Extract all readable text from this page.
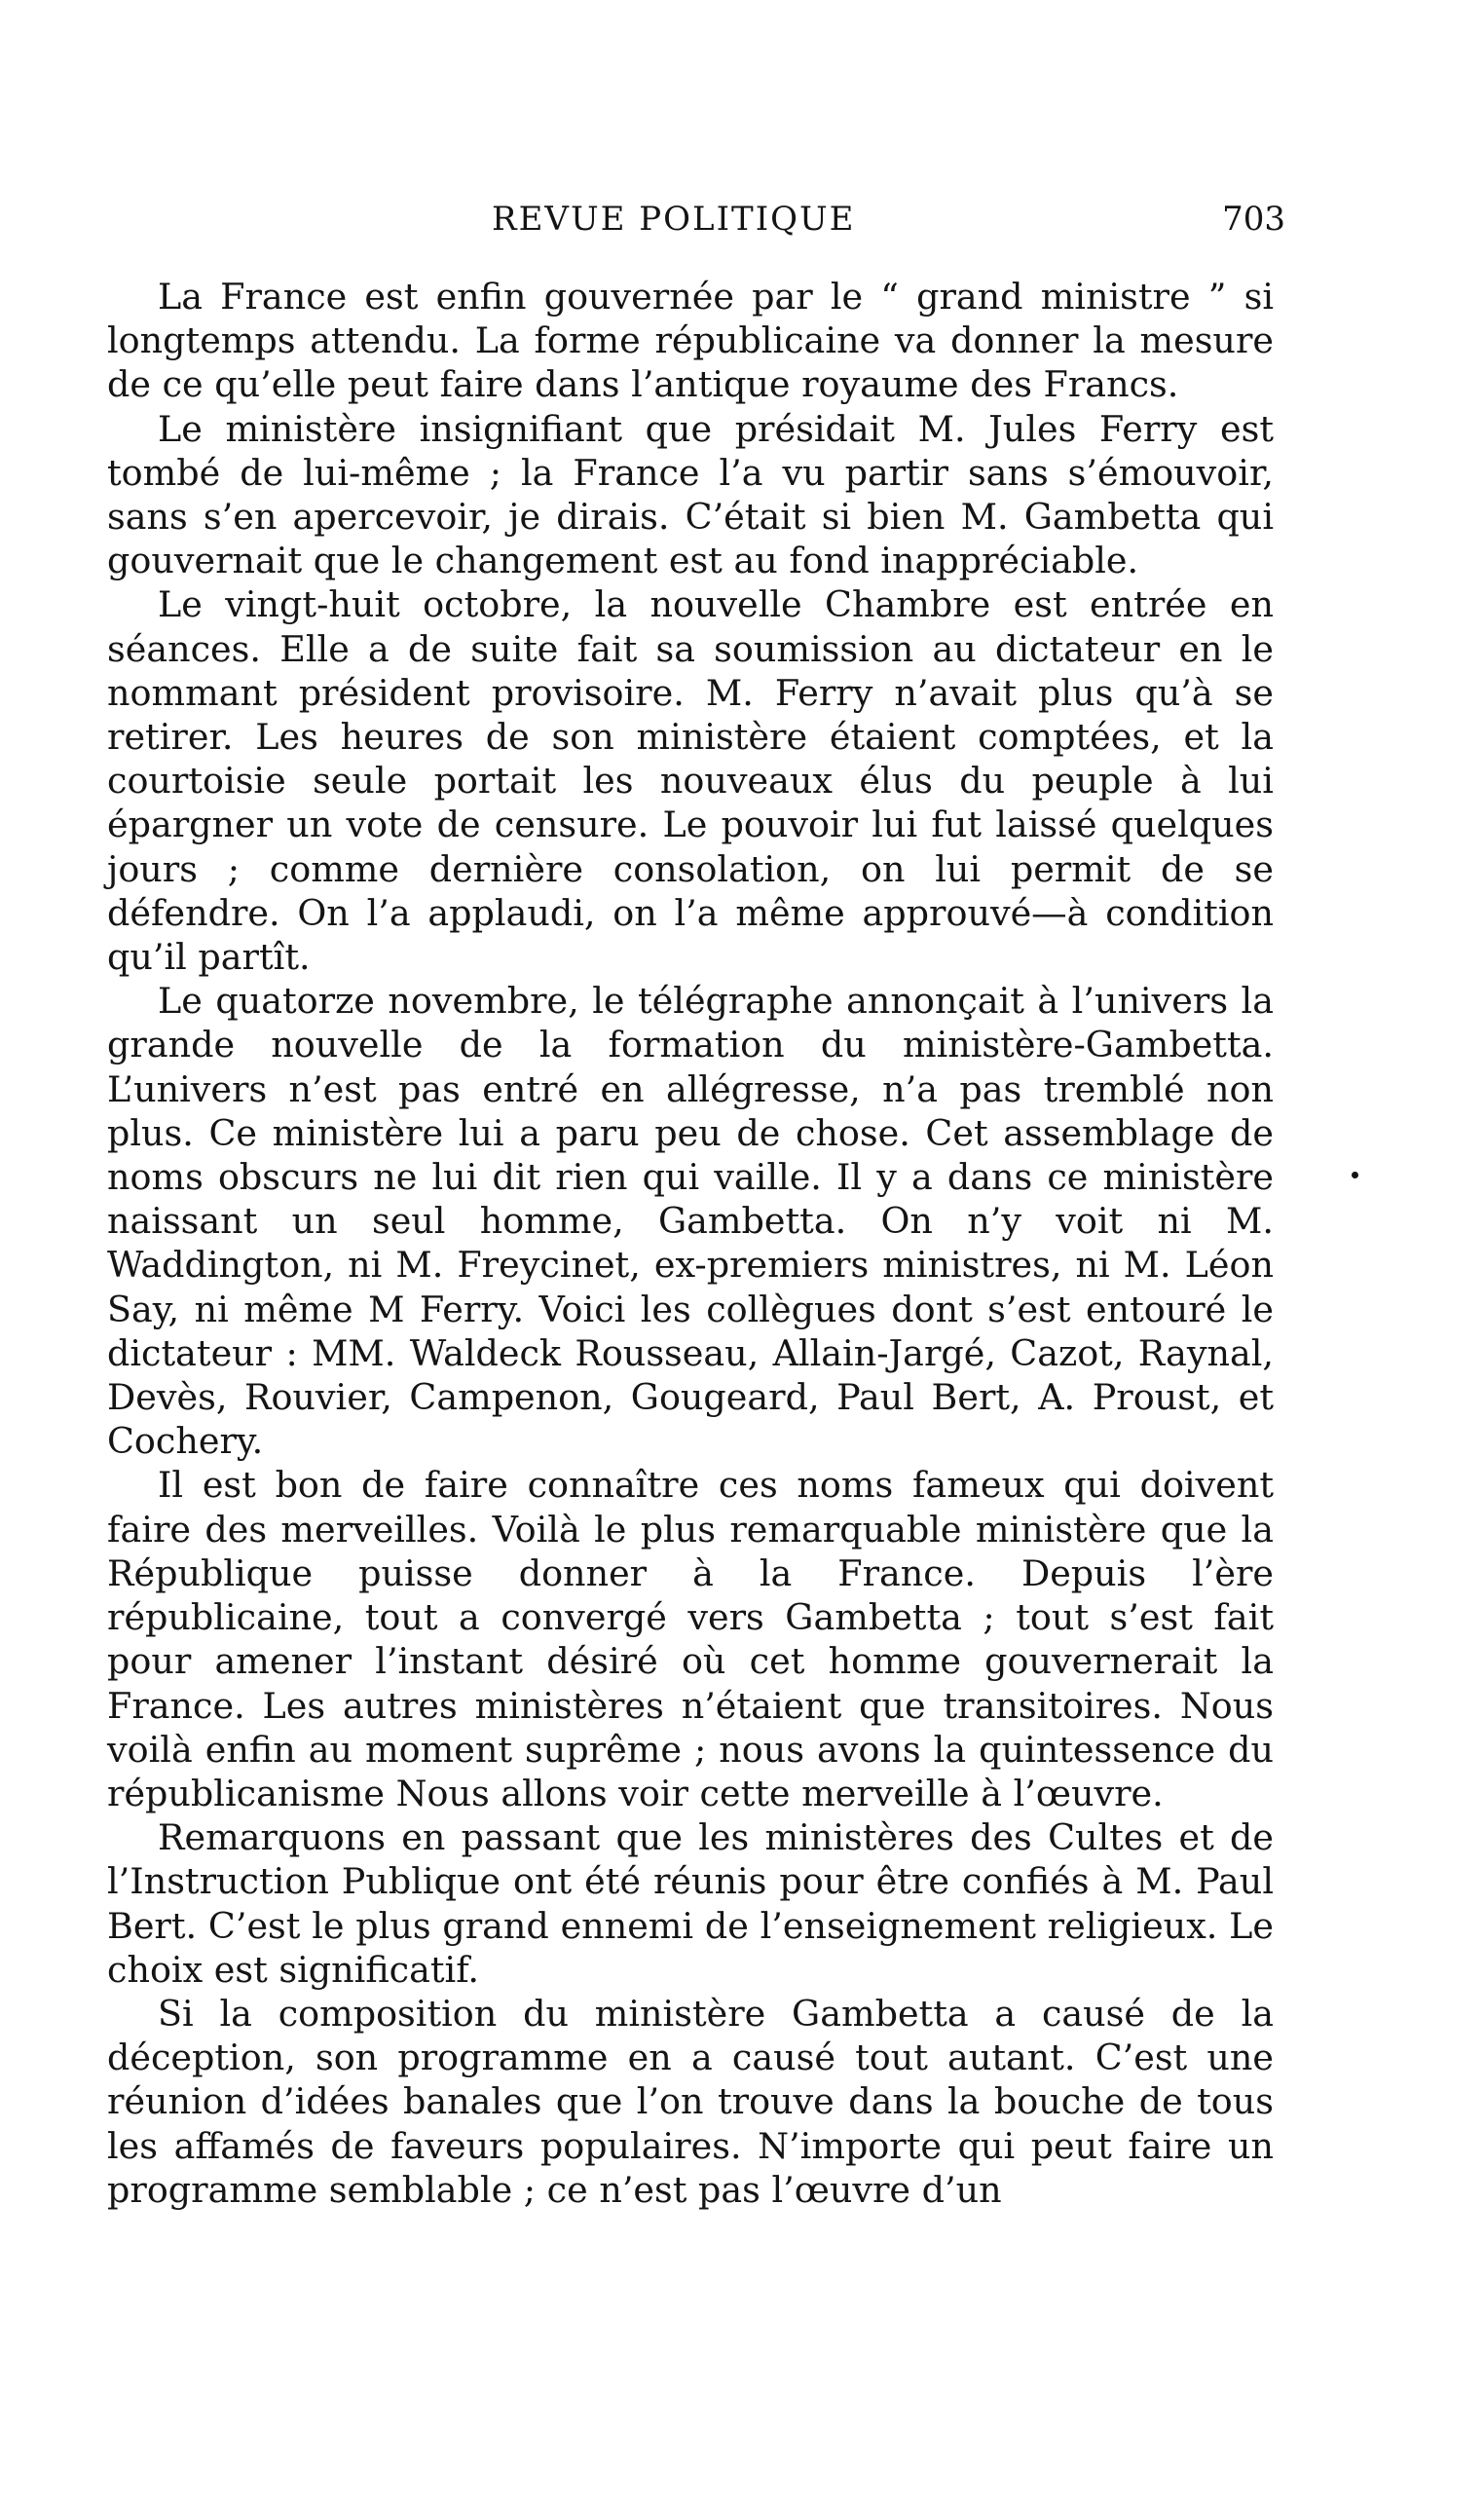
REVUE POLITIQUE	703

La France est enfin gouvernée par le “ grand ministre ” si longtemps attendu. La forme républicaine va donner la mesure de ce qu’elle peut faire dans l’antique royaume des Francs.

Le ministère insignifiant que présidait M. Jules Ferry est tombé de lui-même ; la France l’a vu partir sans s’émouvoir, sans s’en apercevoir, je dirais. C’était si bien M. Gambetta qui gouvernait que le changement est au fond inappréciable.

Le vingt-huit octobre, la nouvelle Chambre est entrée en séances. Elle a de suite fait sa soumission au dictateur en le nommant président provisoire. M. Ferry n’avait plus qu’à se retirer. Les heures de son ministère étaient comptées, et la courtoisie seule portait les nouveaux élus du peuple à lui épargner un vote de censure. Le pouvoir lui fut laissé quelques jours ; comme dernière consolation, on lui permit de se défendre. On l’a applaudi, on l’a même approuvé—à condition qu’il partît.

Le quatorze novembre, le télégraphe annonçait à l’univers la grande nouvelle de la formation du ministère-Gambetta. L’univers n’est pas entré en allégresse, n’a pas tremblé non plus. Ce ministère lui a paru peu de chose. Cet assemblage de noms obscurs ne lui dit rien qui vaille. Il y a dans ce ministère naissant un seul homme, Gambetta. On n’y voit ni M. Waddington, ni M. Freycinet, ex-premiers ministres, ni M. Léon Say, ni même M Ferry. Voici les collègues dont s’est entouré le dictateur : MM. Waldeck Rousseau, Allain-Jargé, Cazot, Raynal, Devès, Rouvier, Campenon, Gougeard, Paul Bert, A. Proust, et Cochery.

Il est bon de faire connaître ces noms fameux qui doivent faire des merveilles. Voilà le plus remarquable ministère que la République puisse donner à la France. Depuis l’ère républicaine, tout a convergé vers Gambetta ; tout s’est fait pour amener l’instant désiré où cet homme gouvernerait la France. Les autres ministères n’étaient que transitoires. Nous voilà enfin au moment suprême ; nous avons la quintessence du républicanisme Nous allons voir cette merveille à l’œuvre.

Remarquons en passant que les ministères des Cultes et de l’Instruction Publique ont été réunis pour être confiés à M. Paul Bert. C’est le plus grand ennemi de l’enseignement religieux. Le choix est significatif.

Si la composition du ministère Gambetta a causé de la déception, son programme en a causé tout autant. C’est une réunion d’idées banales que l’on trouve dans la bouche de tous les affamés de faveurs populaires. N’importe qui peut faire un programme semblable ; ce n’est pas l’œuvre d’un
